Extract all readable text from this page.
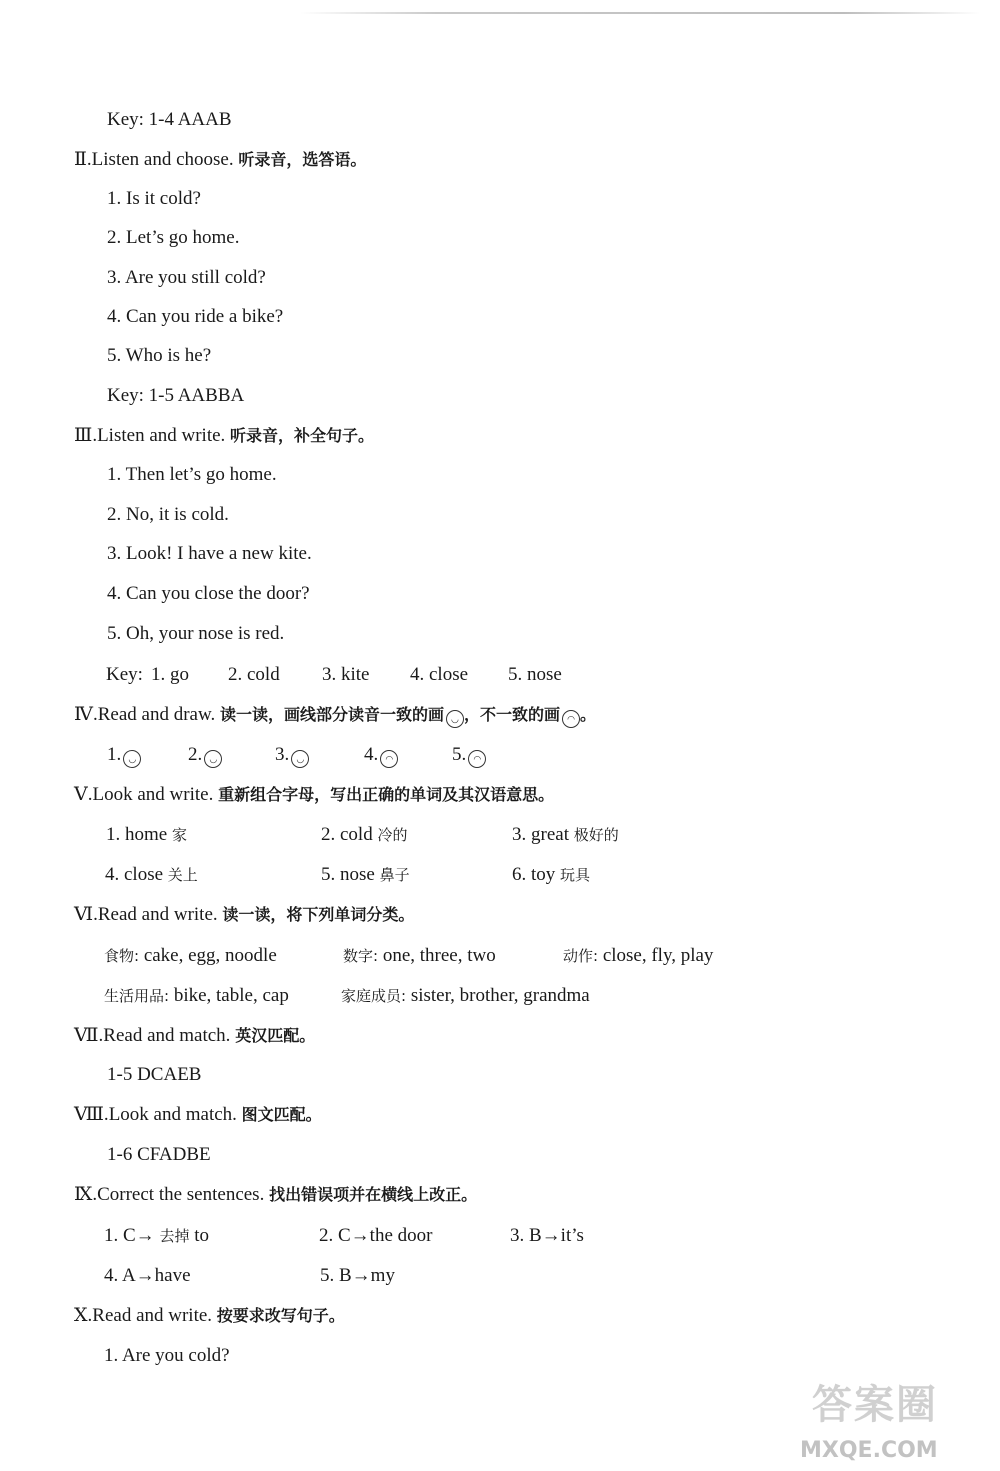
Key: 1-4 AAAB
Ⅱ.Listen and choose. 听录音，选答语。
1. Is it cold?
2. Let’s go home.
3. Are you still cold?
4. Can you ride a bike?
5. Who is he?
Key: 1-5 AABBA
Ⅲ.Listen and write. 听录音，补全句子。
1. Then let’s go home.
2. No, it is cold.
3. Look! I have a new kite.
4. Can you close the door?
5. Oh, your nose is red.
Key: 1. go 2. cold 3. kite 4. close 5. nose
Ⅳ.Read and draw. 读一读，画线部分读音一致的画 ◡ ，不一致的画 ◠ 。
1. ◡	2. ◡	3. ◡	4. ◠	5. ◠
Ⅴ.Look and write. 重新组合字母，写出正确的单词及其汉语意思。
1. home 家	2. cold 冷的	3. great 极好的
4. close 关上	5. nose 鼻子	6. toy 玩具
Ⅵ.Read and write. 读一读，将下列单词分类。
食物: cake, egg, noodle	数字: one, three, two	动作: close, fly, play
生活用品: bike, table, cap	家庭成员: sister, brother, grandma
Ⅶ.Read and match. 英汉匹配。
1-5 DCAEB
Ⅷ.Look and match. 图文匹配。
1-6 CFADBE
Ⅸ.Correct the sentences. 找出错误项并在横线上改正。
1. C→ 去掉 to	2. C→the door	3. B→it’s
4. A→have	5. B→my
Ⅹ.Read and write. 按要求改写句子。
1. Are you cold?
答案圈
MXQE.COM
